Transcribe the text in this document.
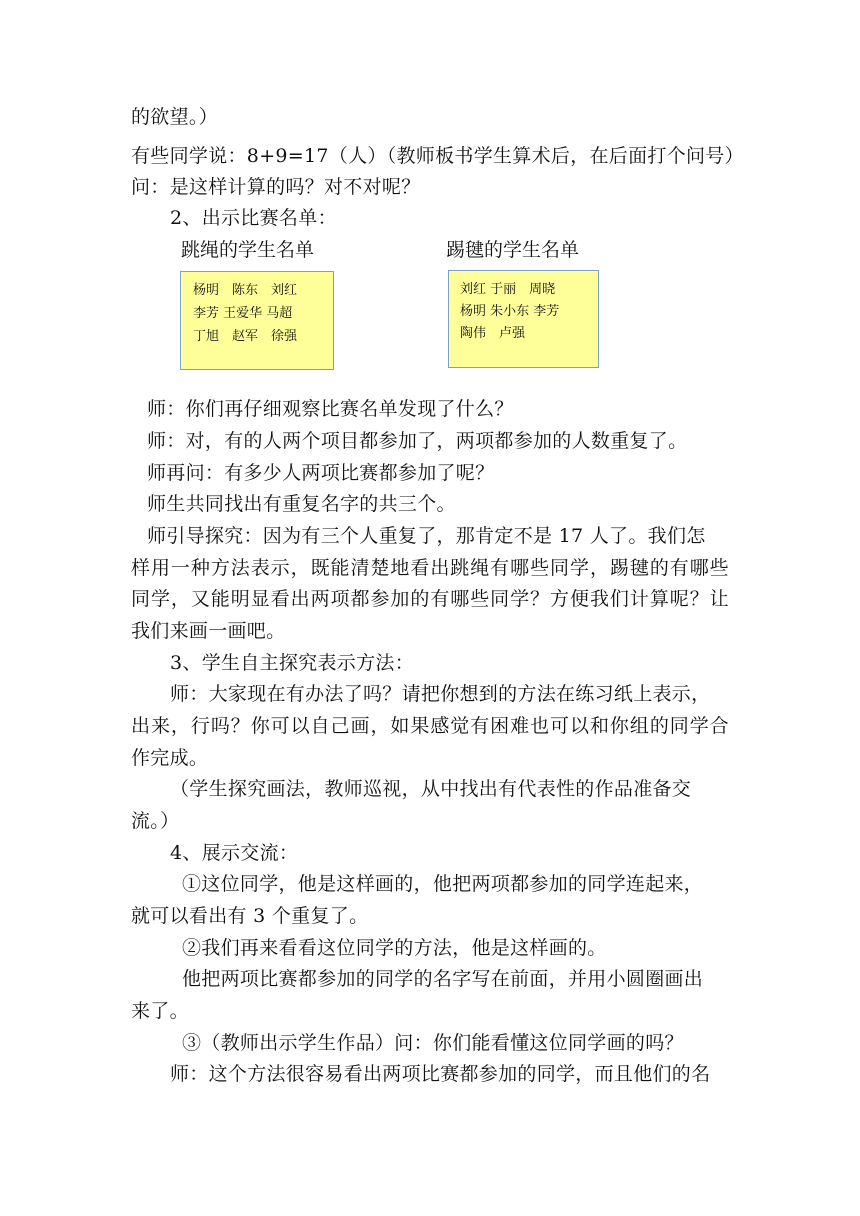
的欲望。）
有些同学说：8+9=17（人）（教师板书学生算术后，在后面打个问号）
问：是这样计算的吗？对不对呢？
2、出示比赛名单：
跳绳的学生名单	踢毽的学生名单
杨明　陈东　刘红
李芳 王爱华 马超
丁旭　赵军　徐强
刘红 于丽　周晓
杨明 朱小东 李芳
陶伟　卢强
师：你们再仔细观察比赛名单发现了什么？
师：对，有的人两个项目都参加了，两项都参加的人数重复了。
师再问：有多少人两项比赛都参加了呢？
师生共同找出有重复名字的共三个。
师引导探究：因为有三个人重复了，那肯定不是 17 人了。我们怎
样用一种方法表示，既能清楚地看出跳绳有哪些同学，踢毽的有哪些
同学，又能明显看出两项都参加的有哪些同学？方便我们计算呢？让
我们来画一画吧。
3、学生自主探究表示方法：
师：大家现在有办法了吗？请把你想到的方法在练习纸上表示，
出来，行吗？你可以自己画，如果感觉有困难也可以和你组的同学合
作完成。
（学生探究画法，教师巡视，从中找出有代表性的作品准备交
流。）
4、展示交流：
①这位同学，他是这样画的，他把两项都参加的同学连起来，
就可以看出有 3 个重复了。
②我们再来看看这位同学的方法，他是这样画的。
他把两项比赛都参加的同学的名字写在前面，并用小圆圈画出
来了。
③（教师出示学生作品）问：你们能看懂这位同学画的吗？
师：这个方法很容易看出两项比赛都参加的同学，而且他们的名
